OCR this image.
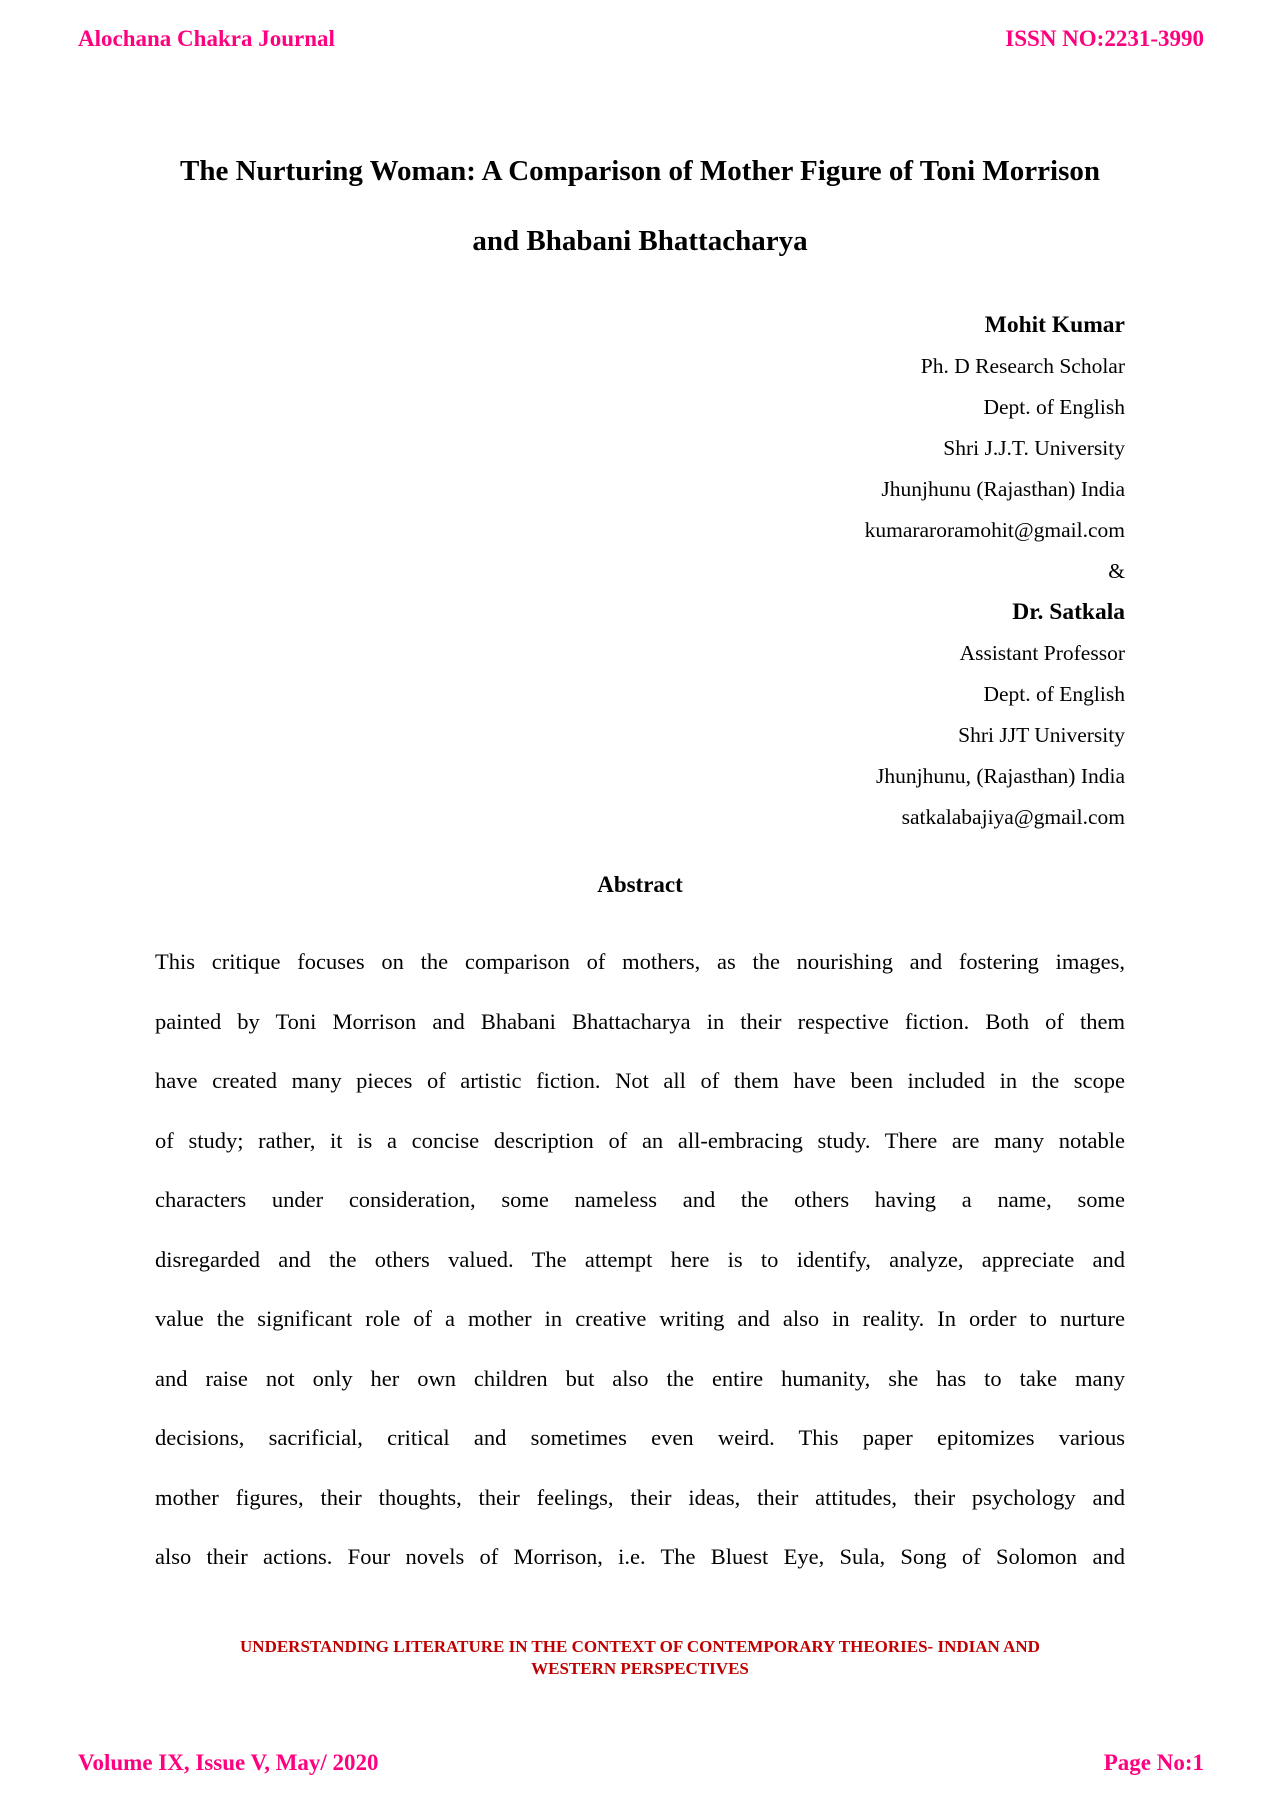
Alochana Chakra Journal	ISSN NO:2231-3990
The Nurturing Woman: A Comparison of Mother Figure of Toni Morrison
and Bhabani Bhattacharya
Mohit Kumar
Ph. D Research Scholar
Dept. of English
Shri J.J.T. University
Jhunjhunu (Rajasthan) India
kumararoramohit@gmail.com
&
Dr. Satkala
Assistant Professor
Dept. of English
Shri JJT University
Jhunjhunu, (Rajasthan) India
satkalabajiya@gmail.com
Abstract
This critique focuses on the comparison of mothers, as the nourishing and fostering images,
painted by Toni Morrison and Bhabani Bhattacharya in their respective fiction. Both of them
have created many pieces of artistic fiction. Not all of them have been included in the scope
of study; rather, it is a concise description of an all-embracing study. There are many notable
characters under consideration, some nameless and the others having a name, some
disregarded and the others valued. The attempt here is to identify, analyze, appreciate and
value the significant role of a mother in creative writing and also in reality. In order to nurture
and raise not only her own children but also the entire humanity, she has to take many
decisions, sacrificial, critical and sometimes even weird. This paper epitomizes various
mother figures, their thoughts, their feelings, their ideas, their attitudes, their psychology and
also their actions. Four novels of Morrison, i.e. The Bluest Eye, Sula, Song of Solomon and
UNDERSTANDING LITERATURE IN THE CONTEXT OF CONTEMPORARY THEORIES- INDIAN AND
WESTERN PERSPECTIVES
Volume IX, Issue V, May/ 2020	Page No:1
